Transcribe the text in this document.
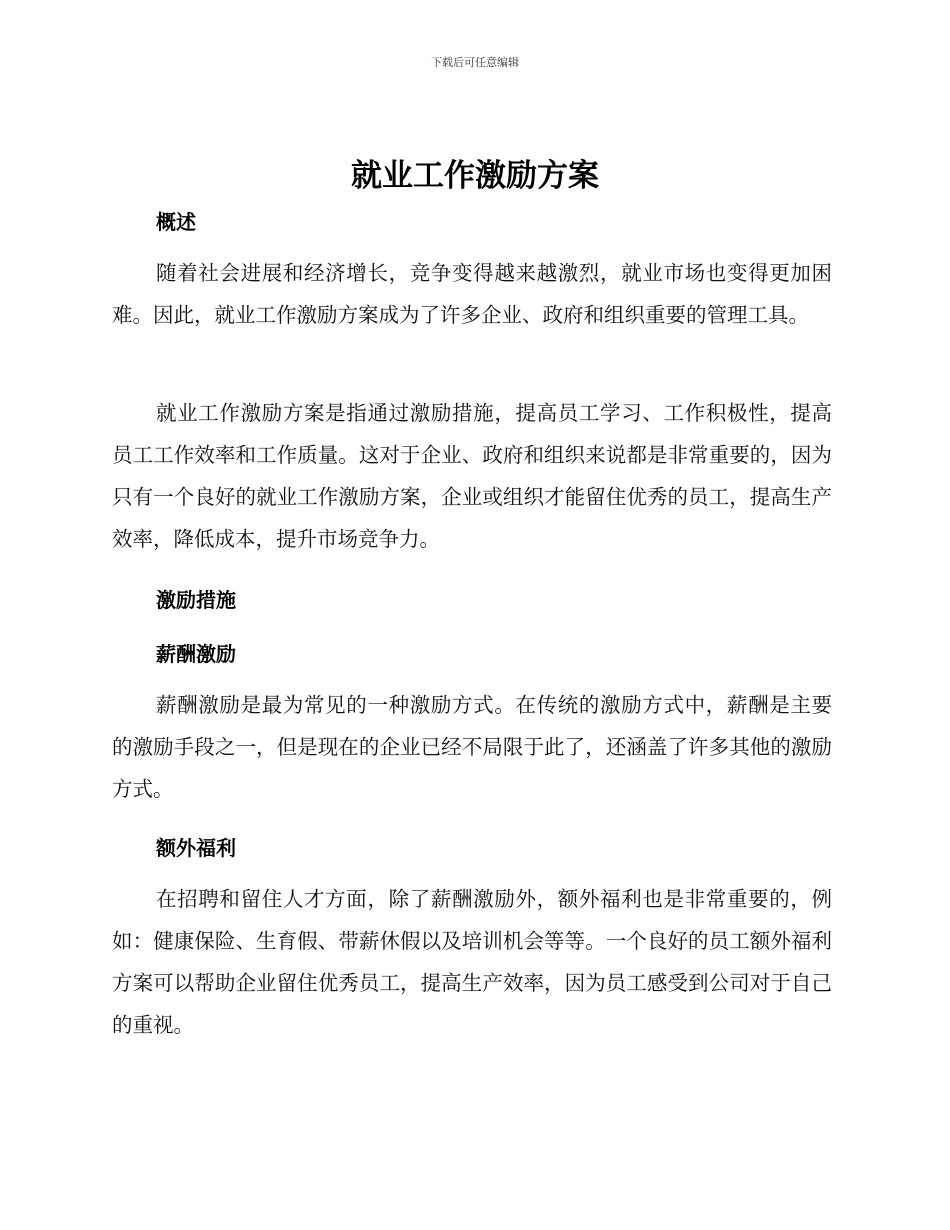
下载后可任意编辑
就业工作激励方案
概述

随着社会进展和经济增长，竞争变得越来越激烈，就业市场也变得更加困难。因此，就业工作激励方案成为了许多企业、政府和组织重要的管理工具。

就业工作激励方案是指通过激励措施，提高员工学习、工作积极性，提高员工工作效率和工作质量。这对于企业、政府和组织来说都是非常重要的，因为只有一个良好的就业工作激励方案，企业或组织才能留住优秀的员工，提高生产效率，降低成本，提升市场竞争力。

激励措施
薪酬激励

薪酬激励是最为常见的一种激励方式。在传统的激励方式中，薪酬是主要的激励手段之一，但是现在的企业已经不局限于此了，还涵盖了许多其他的激励方式。

额外福利

在招聘和留住人才方面，除了薪酬激励外，额外福利也是非常重要的，例如：健康保险、生育假、带薪休假以及培训机会等等。一个良好的员工额外福利方案可以帮助企业留住优秀员工，提高生产效率，因为员工感受到公司对于自己的重视。
